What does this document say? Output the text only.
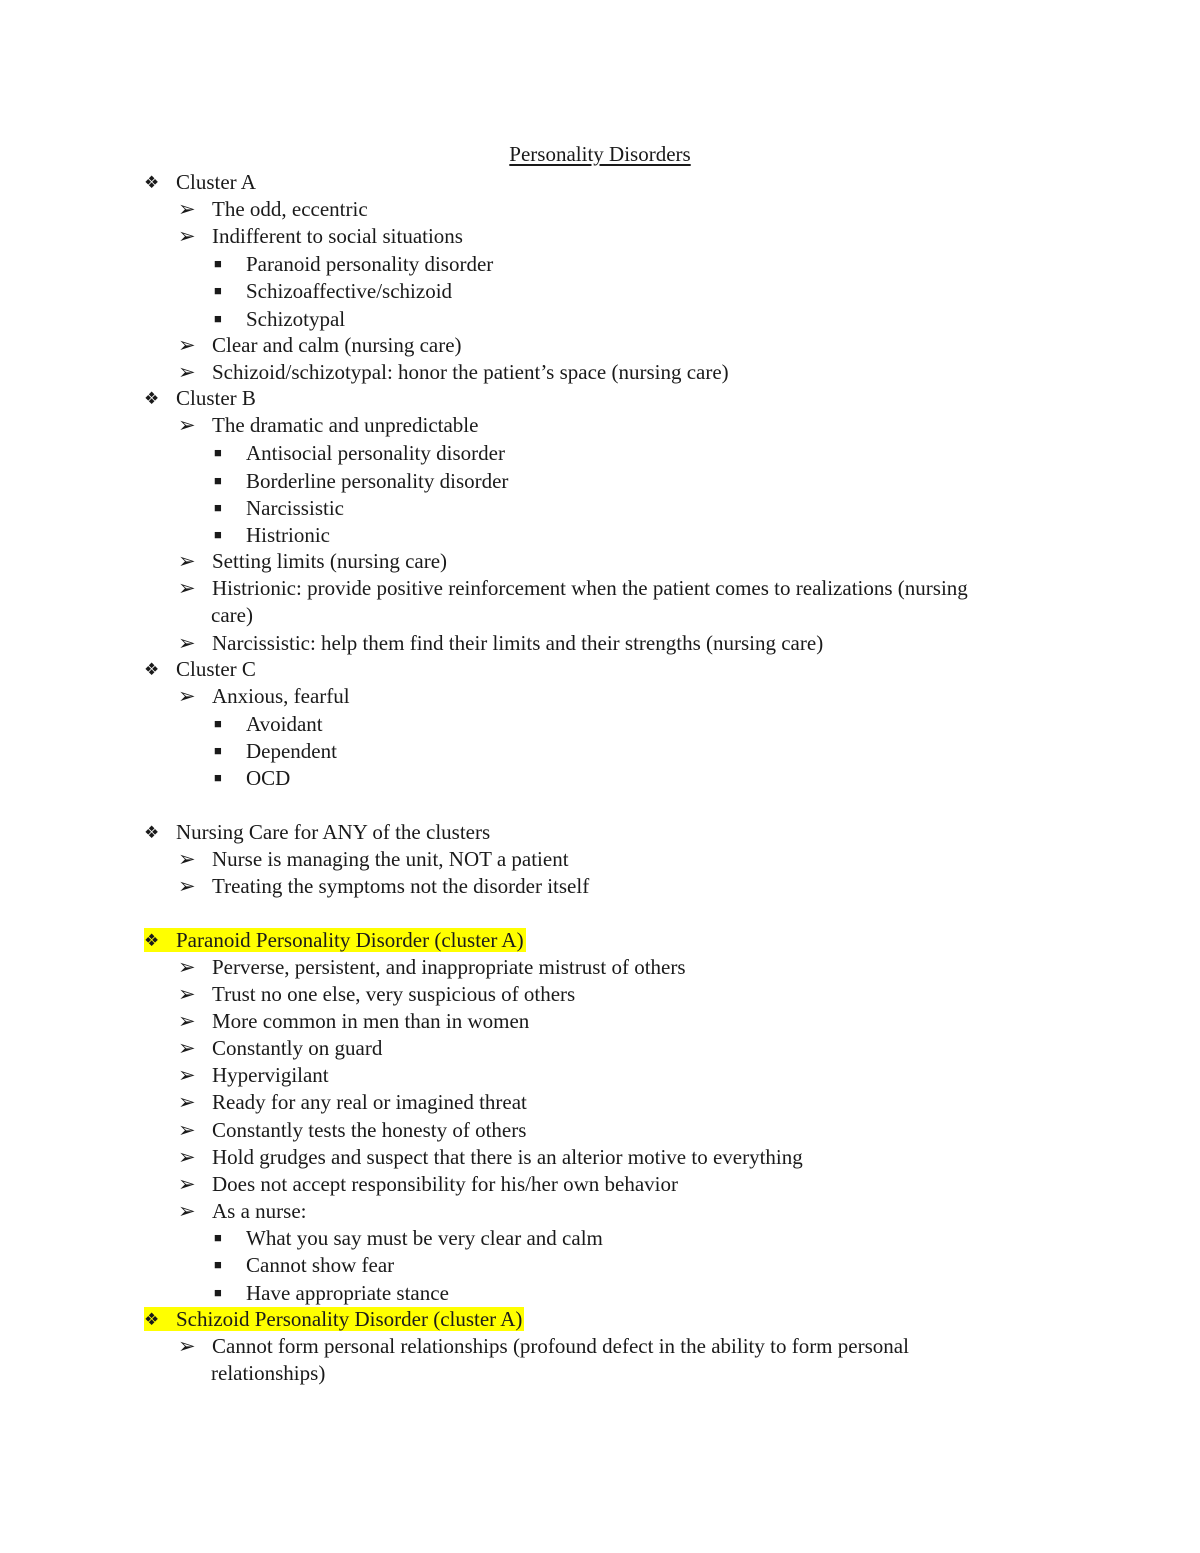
Personality Disorders
❖ Cluster A
➢ The odd, eccentric
➢ Indifferent to social situations
■ Paranoid personality disorder
■ Schizoaffective/schizoid
■ Schizotypal
➢ Clear and calm (nursing care)
➢ Schizoid/schizotypal: honor the patient’s space (nursing care)
❖ Cluster B
➢ The dramatic and unpredictable
■ Antisocial personality disorder
■ Borderline personality disorder
■ Narcissistic
■ Histrionic
➢ Setting limits (nursing care)
➢ Histrionic: provide positive reinforcement when the patient comes to realizations (nursing
care)
➢ Narcissistic: help them find their limits and their strengths (nursing care)
❖ Cluster C
➢ Anxious, fearful
■ Avoidant
■ Dependent
■ OCD
❖ Nursing Care for ANY of the clusters
➢ Nurse is managing the unit, NOT a patient
➢ Treating the symptoms not the disorder itself
❖ Paranoid Personality Disorder (cluster A)
➢ Perverse, persistent, and inappropriate mistrust of others
➢ Trust no one else, very suspicious of others
➢ More common in men than in women
➢ Constantly on guard
➢ Hypervigilant
➢ Ready for any real or imagined threat
➢ Constantly tests the honesty of others
➢ Hold grudges and suspect that there is an alterior motive to everything
➢ Does not accept responsibility for his/her own behavior
➢ As a nurse:
■ What you say must be very clear and calm
■ Cannot show fear
■ Have appropriate stance
❖ Schizoid Personality Disorder (cluster A)
➢ Cannot form personal relationships (profound defect in the ability to form personal
relationships)
